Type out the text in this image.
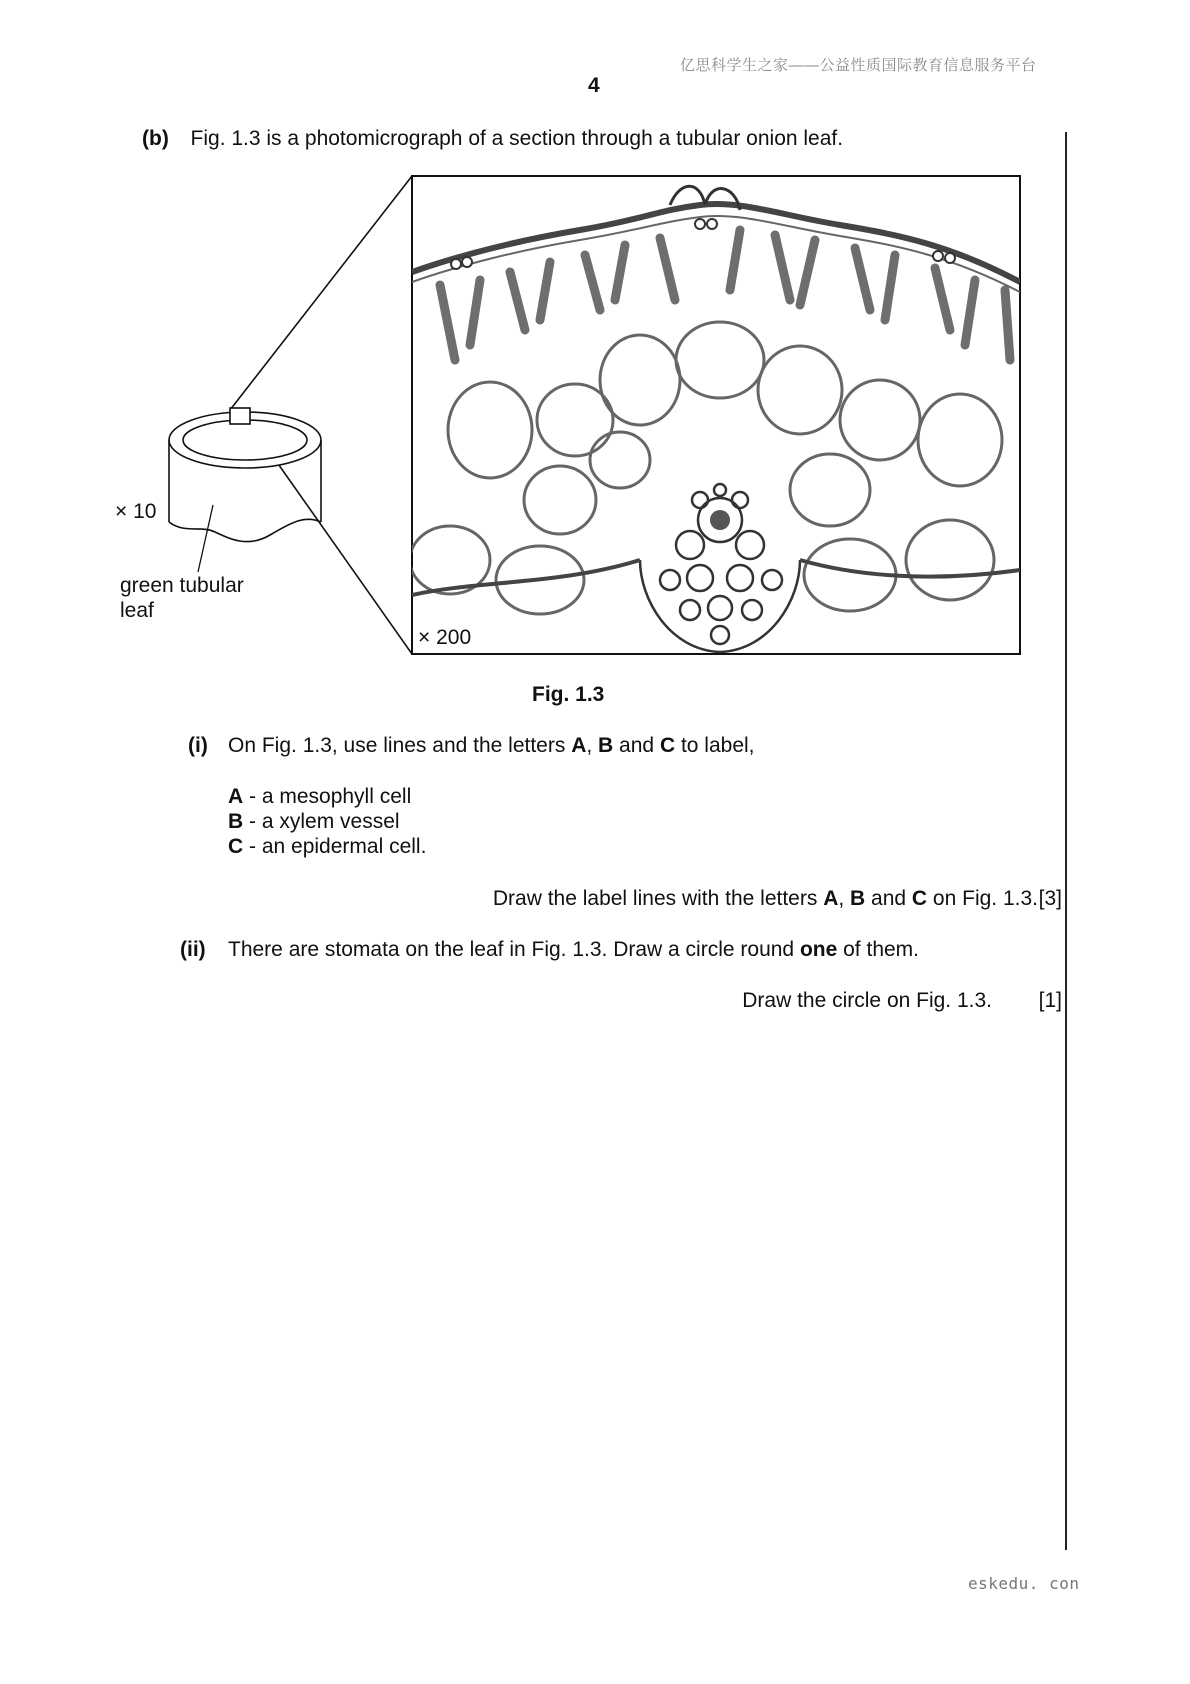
亿思科学生之家——公益性质国际教育信息服务平台
4
(b) Fig. 1.3 is a photomicrograph of a section through a tubular onion leaf.
× 10
green tubular
leaf
× 200
Fig. 1.3
(i) On Fig. 1.3, use lines and the letters A, B and C to label,
A - a mesophyll cell
B - a xylem vessel
C - an epidermal cell.
Draw the label lines with the letters A, B and C on Fig. 1.3. [3]
(ii) There are stomata on the leaf in Fig. 1.3. Draw a circle round one of them.
Draw the circle on Fig. 1.3. [1]
eskedu. con
